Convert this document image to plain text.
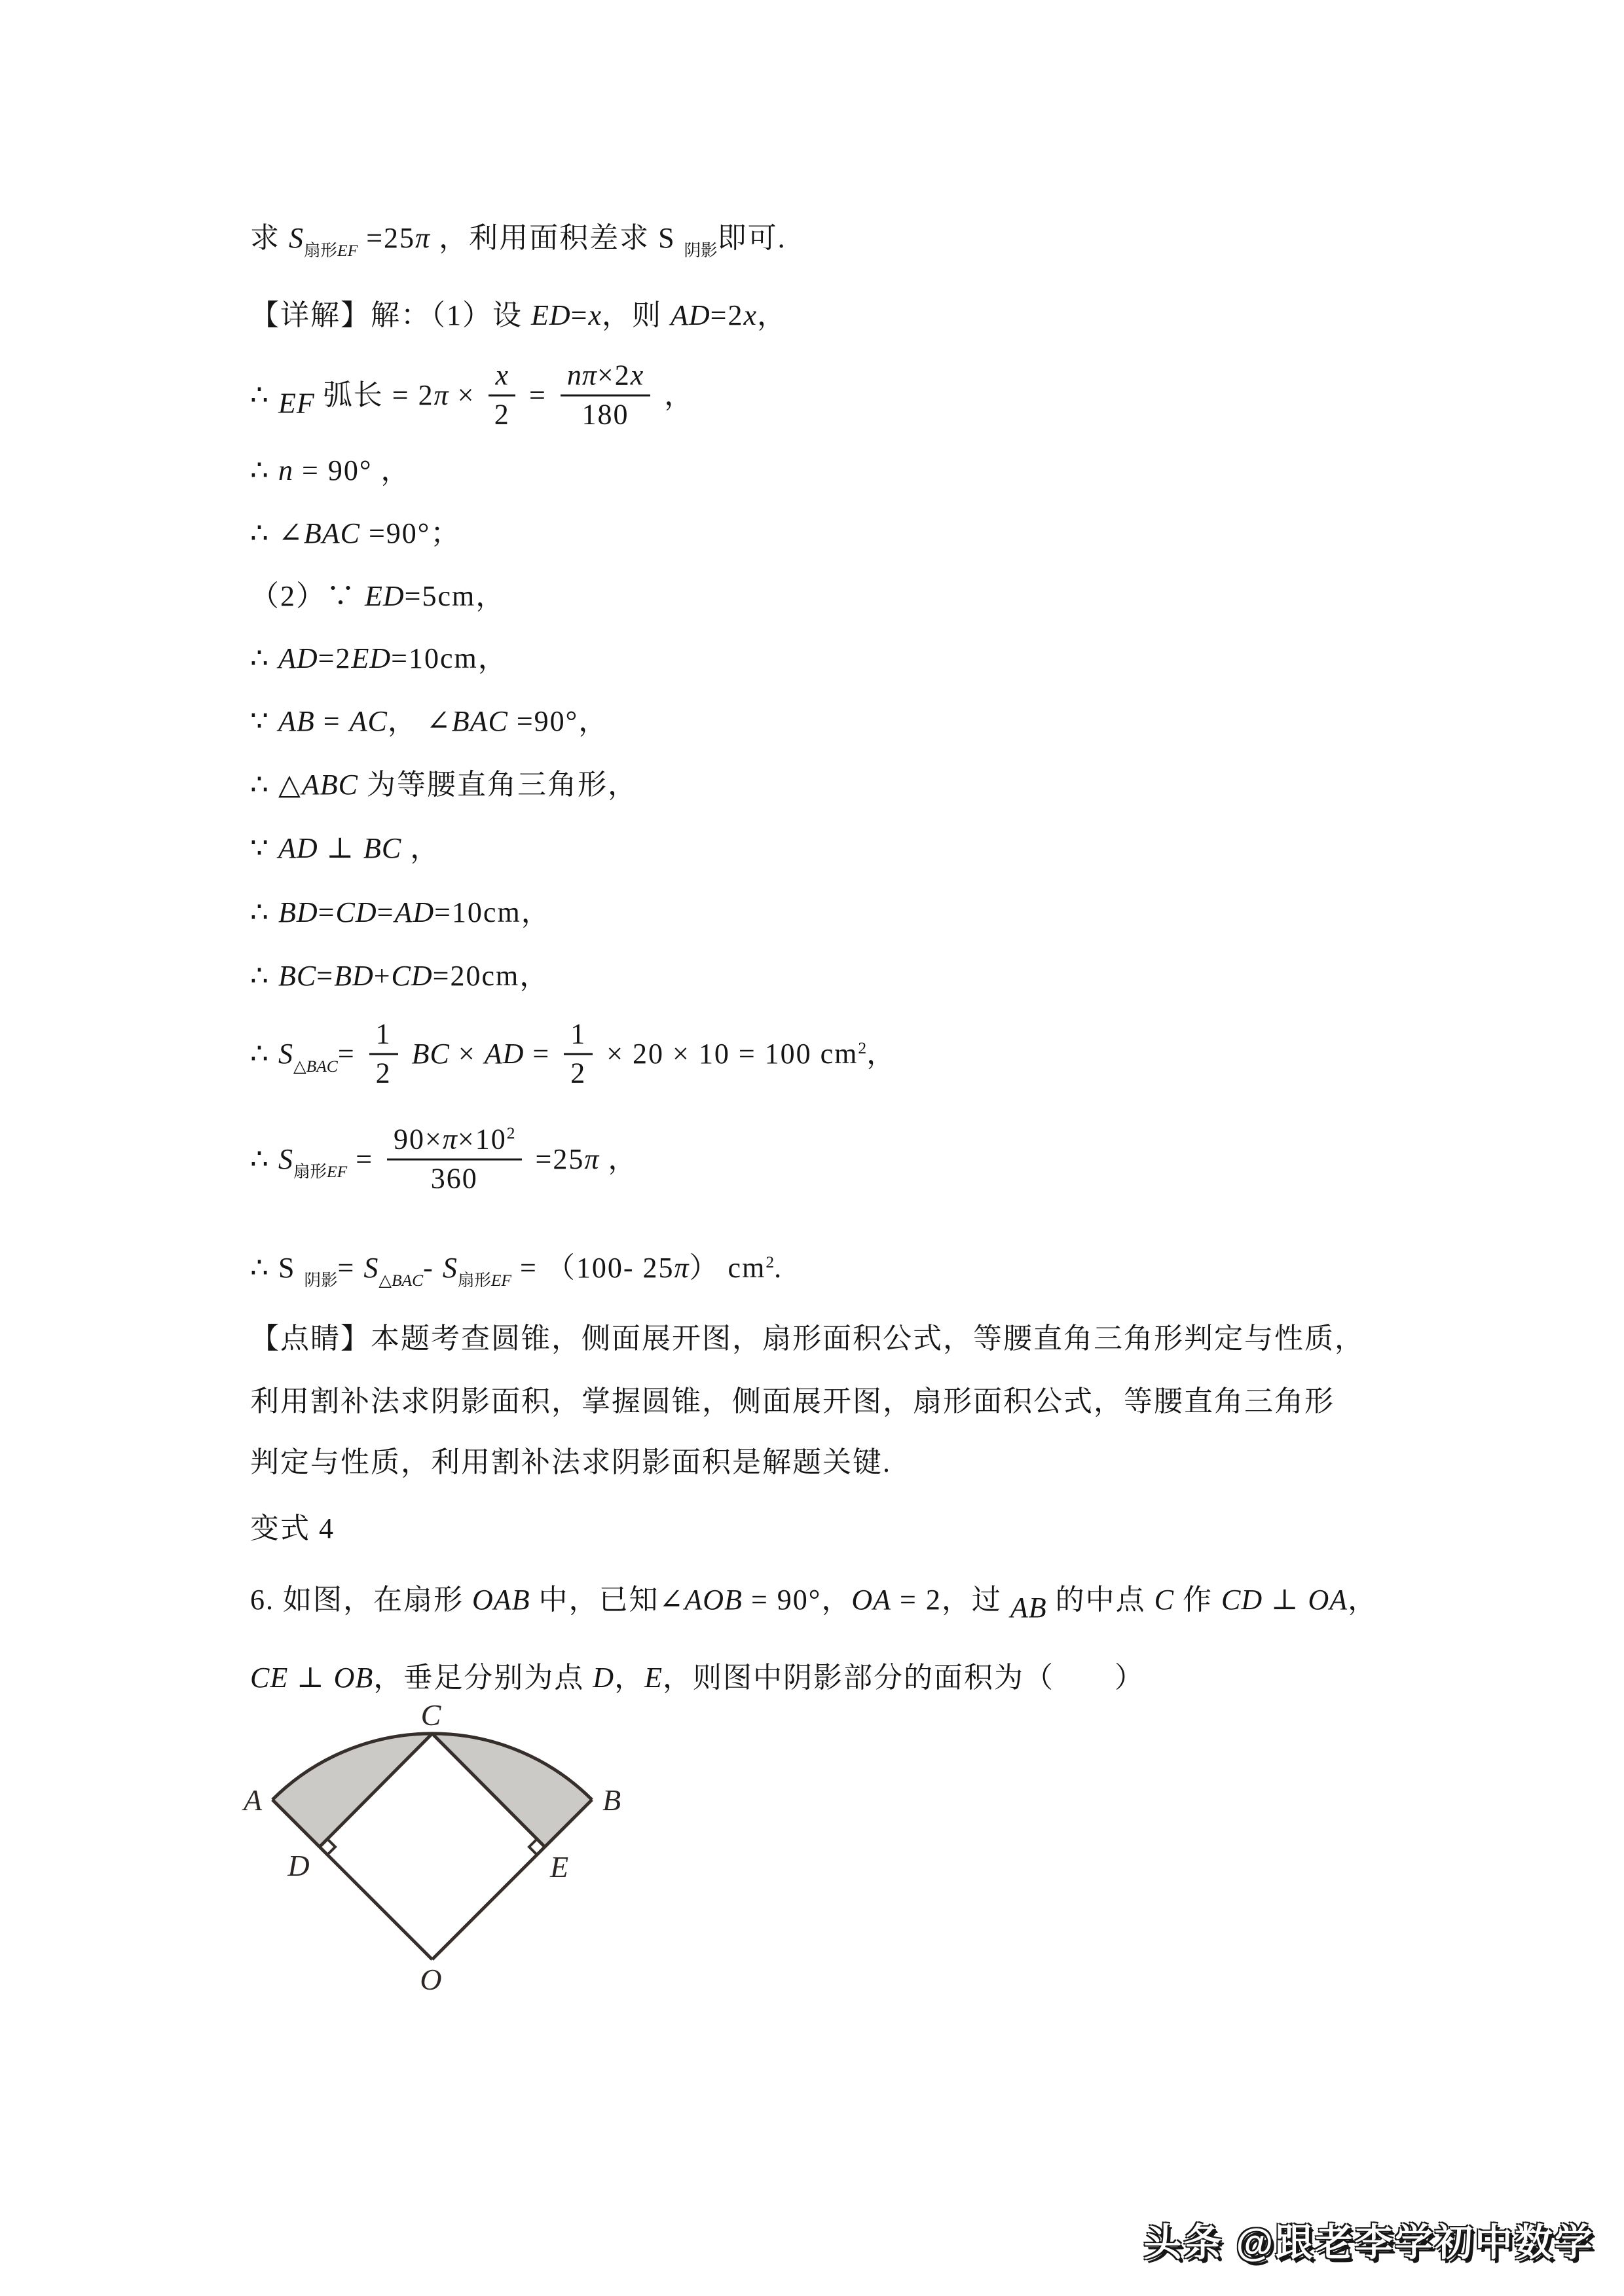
求 $S_{扇形EF} =25\pi$ ，利用面积差求 S $_{阴影}$即可.
【详解】解：（1）设 ED=x，则 AD=2x，
∴ EF 弧长 = $2\pi \times \frac{x}{2} = \frac{n\pi\times 2x}{180}$ ，
∴ n = 90° ，
∴ ∠BAC =90°；
（2）∵ ED=5cm，
∴ AD=2ED=10cm，
∵ AB = AC， ∠BAC =90°，
∴ △ABC 为等腰直角三角形，
∵ AD ⊥ BC ，
∴ BD=CD=AD=10cm，
∴ BC=BD+CD=20cm，
∴ $S_{\triangle BAC}= \frac{1}{2}$ BC × AD = $\frac{1}{2} \times 20 \times 10 = 100$ $cm^2$，
∴ $S_{扇形EF} = \frac{90\times\pi\times 10^2}{360} =25\pi$ ，
∴ S $_{阴影}= S_{\triangle BAC}-$ $S_{扇形EF} = (100-$ 25π） $cm^2$.
【点睛】本题考查圆锥，侧面展开图，扇形面积公式，等腰直角三角形判定与性质，
利用割补法求阴影面积，掌握圆锥，侧面展开图，扇形面积公式，等腰直角三角形
判定与性质，利用割补法求阴影面积是解题关键.
变式 4
6. 如图，在扇形 OAB 中，已知∠AOB = 90°，OA = 2，过 AB 的中点 C 作 CD ⊥ OA，
CE ⊥ OB，垂足分别为点 D，E，则图中阴影部分的面积为（　　）
A	B
C
D	E
O
头条 @跟老李学初中数学
